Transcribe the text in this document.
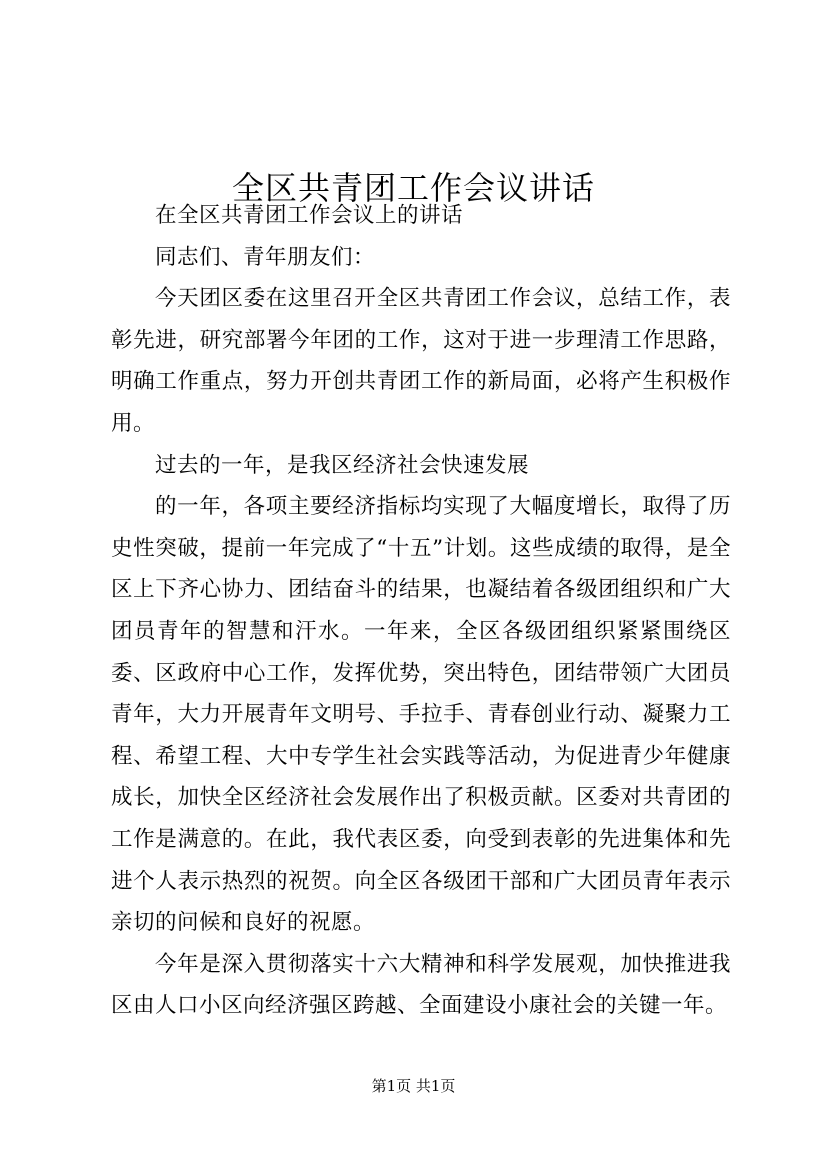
全区共青团工作会议讲话

在全区共青团工作会议上的讲话

同志们、青年朋友们：

今天团区委在这里召开全区共青团工作会议，总结工作，表彰先进，研究部署今年团的工作，这对于进一步理清工作思路，明确工作重点，努力开创共青团工作的新局面，必将产生积极作用。

过去的一年，是我区经济社会快速发展

的一年，各项主要经济指标均实现了大幅度增长，取得了历史性突破，提前一年完成了“十五”计划。这些成绩的取得，是全区上下齐心协力、团结奋斗的结果，也凝结着各级团组织和广大团员青年的智慧和汗水。一年来，全区各级团组织紧紧围绕区委、区政府中心工作，发挥优势，突出特色，团结带领广大团员青年，大力开展青年文明号、手拉手、青春创业行动、凝聚力工程、希望工程、大中专学生社会实践等活动，为促进青少年健康成长，加快全区经济社会发展作出了积极贡献。区委对共青团的工作是满意的。在此，我代表区委，向受到表彰的先进集体和先进个人表示热烈的祝贺。向全区各级团干部和广大团员青年表示亲切的问候和良好的祝愿。

今年是深入贯彻落实十六大精神和科学发展观，加快推进我区由人口小区向经济强区跨越、全面建设小康社会的关键一年。

第1页 共1页
